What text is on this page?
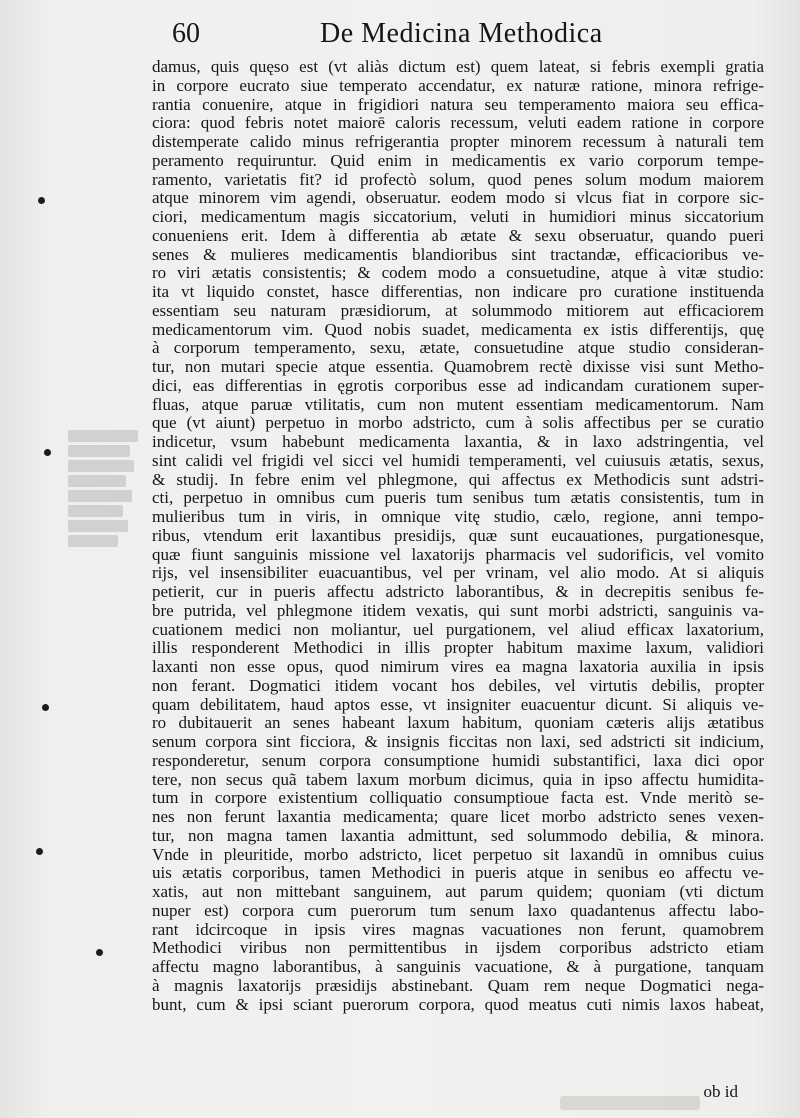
60	De Medicina Methodica
damus, quis quęso est (vt aliàs dictum est) quem lateat, si febris exempli gratia
in corpore eucrato siue temperato accendatur, ex naturæ ratione, minora refrige-
rantia conuenire, atque in frigidiori natura seu temperamento maiora seu effica-
ciora: quod febris notet maiorē caloris recessum, veluti eadem ratione in corpore
distemperate calido minus refrigerantia propter minorem recessum à naturali tem
peramento requiruntur. Quid enim in medicamentis ex vario corporum tempe-
ramento, varietatis fit? id profectò solum, quod penes solum modum maiorem
atque minorem vim agendi, obseruatur. eodem modo si vlcus fiat in corpore sic-
ciori, medicamentum magis siccatorium, veluti in humidiori minus siccatorium
conueniens erit. Idem à differentia ab ætate & sexu obseruatur, quando pueri
senes & mulieres medicamentis blandioribus sint tractandæ, efficacioribus ve-
ro viri ætatis consistentis; & codem modo a consuetudine, atque à vitæ studio:
ita vt liquido constet, hasce differentias, non indicare pro curatione instituenda
essentiam seu naturam præsidiorum, at solummodo mitiorem aut efficaciorem
medicamentorum vim. Quod nobis suadet, medicamenta ex istis differentijs, quę
à corporum temperamento, sexu, ætate, consuetudine atque studio consideran-
tur, non mutari specie atque essentia. Quamobrem rectè dixisse visi sunt Metho-
dici, eas differentias in ęgrotis corporibus esse ad indicandam curationem super-
fluas, atque paruæ vtilitatis, cum non mutent essentiam medicamentorum. Nam
que (vt aiunt) perpetuo in morbo adstricto, cum à solis affectibus per se curatio
indicetur, vsum habebunt medicamenta laxantia, & in laxo adstringentia, vel
sint calidi vel frigidi vel sicci vel humidi temperamenti, vel cuiusuis ætatis, sexus,
& studij. In febre enim vel phlegmone, qui affectus ex Methodicis sunt adstri-
cti, perpetuo in omnibus cum pueris tum senibus tum ætatis consistentis, tum in
mulieribus tum in viris, in omnique vitę studio, cælo, regione, anni tempo-
ribus, vtendum erit laxantibus presidijs, quæ sunt eucauationes, purgationesque,
quæ fiunt sanguinis missione vel laxatorijs pharmacis vel sudorificis, vel vomito
rijs, vel insensibiliter euacuantibus, vel per vrinam, vel alio modo. At si aliquis
petierit, cur in pueris affectu adstricto laborantibus, & in decrepitis senibus fe-
bre putrida, vel phlegmone itidem vexatis, qui sunt morbi adstricti, sanguinis va-
cuationem medici non moliantur, uel purgationem, vel aliud efficax laxatorium,
illis responderent Methodici in illis propter habitum maxime laxum, validiori
laxanti non esse opus, quod nimirum vires ea magna laxatoria auxilia in ipsis
non ferant. Dogmatici itidem vocant hos debiles, vel virtutis debilis, propter
quam debilitatem, haud aptos esse, vt insigniter euacuentur dicunt. Si aliquis ve-
ro dubitauerit an senes habeant laxum habitum, quoniam cæteris alijs ætatibus
senum corpora sint ficciora, & insignis ficcitas non laxi, sed adstricti sit indicium,
responderetur, senum corpora consumptione humidi substantifici, laxa dici opor
tere, non secus quã tabem laxum morbum dicimus, quia in ipso affectu humidita-
tum in corpore existentium colliquatio consumptioue facta est. Vnde meritò se-
nes non ferunt laxantia medicamenta; quare licet morbo adstricto senes vexen-
tur, non magna tamen laxantia admittunt, sed solummodo debilia, & minora.
Vnde in pleuritide, morbo adstricto, licet perpetuo sit laxandũ in omnibus cuius
uis ætatis corporibus, tamen Methodici in pueris atque in senibus eo affectu ve-
xatis, aut non mittebant sanguinem, aut parum quidem; quoniam (vti dictum
nuper est) corpora cum puerorum tum senum laxo quadantenus affectu labo-
rant idcircoque in ipsis vires magnas vacuationes non ferunt, quamobrem
Methodici viribus non permittentibus in ijsdem corporibus adstricto etiam
affectu magno laborantibus, à sanguinis vacuatione, & à purgatione, tanquam
à magnis laxatorijs præsidijs abstinebant. Quam rem neque Dogmatici nega-
bunt, cum & ipsi sciant puerorum corpora, quod meatus cuti nimis laxos habeat,
ob id
